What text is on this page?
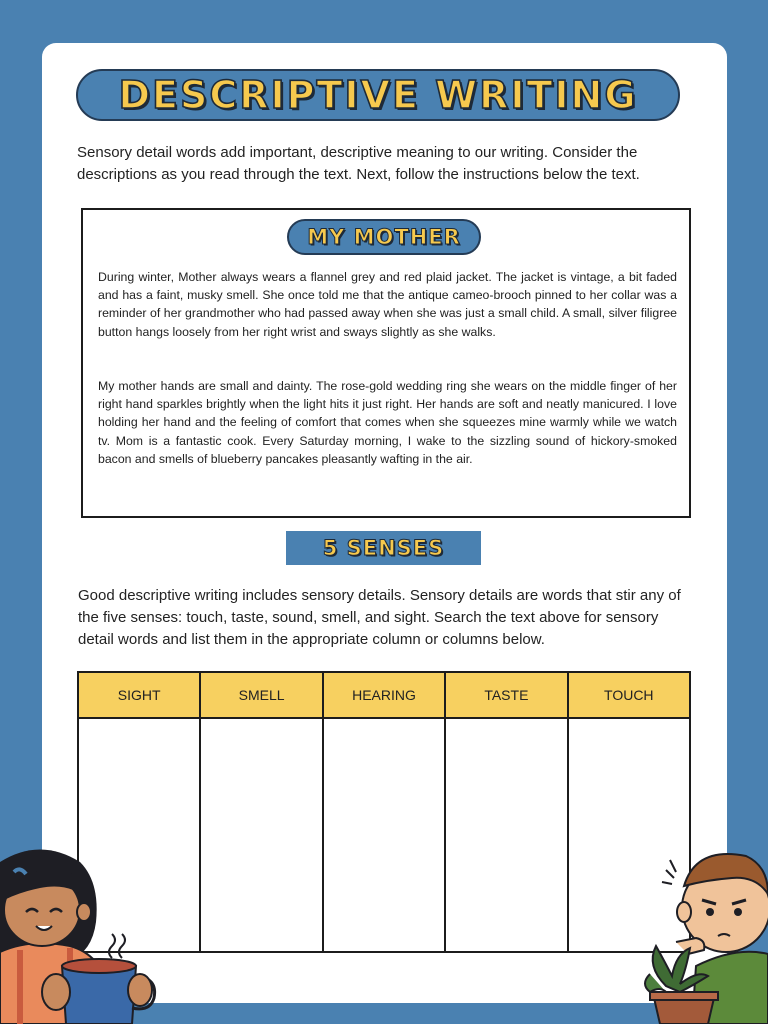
DESCRIPTIVE WRITING
Sensory detail words add important, descriptive meaning to our writing. Consider the descriptions as you read through the text. Next, follow the instructions below the text.
MY MOTHER

During winter, Mother always wears a flannel grey and red plaid jacket. The jacket is vintage, a bit faded and has a faint, musky smell. She once told me that the antique cameo-brooch pinned to her collar was a reminder of her grandmother who had passed away when she was just a small child. A small, silver filigree button hangs loosely from her right wrist and sways slightly as she walks.

My mother hands are small and dainty. The rose-gold wedding ring she wears on the middle finger of her right hand sparkles brightly when the light hits it just right. Her hands are soft and neatly manicured. I love holding her hand and the feeling of comfort that comes when she squeezes mine warmly while we watch tv. Mom is a fantastic cook. Every Saturday morning, I wake to the sizzling sound of hickory-smoked bacon and smells of blueberry pancakes pleasantly wafting in the air.

5 SENSES
Good descriptive writing includes sensory details. Sensory details are words that stir any of the five senses: touch, taste, sound, smell, and sight. Search the text above for sensory detail words and list them in the appropriate column or columns below.
SIGHT	SMELL	HEARING	TASTE	TOUCH
